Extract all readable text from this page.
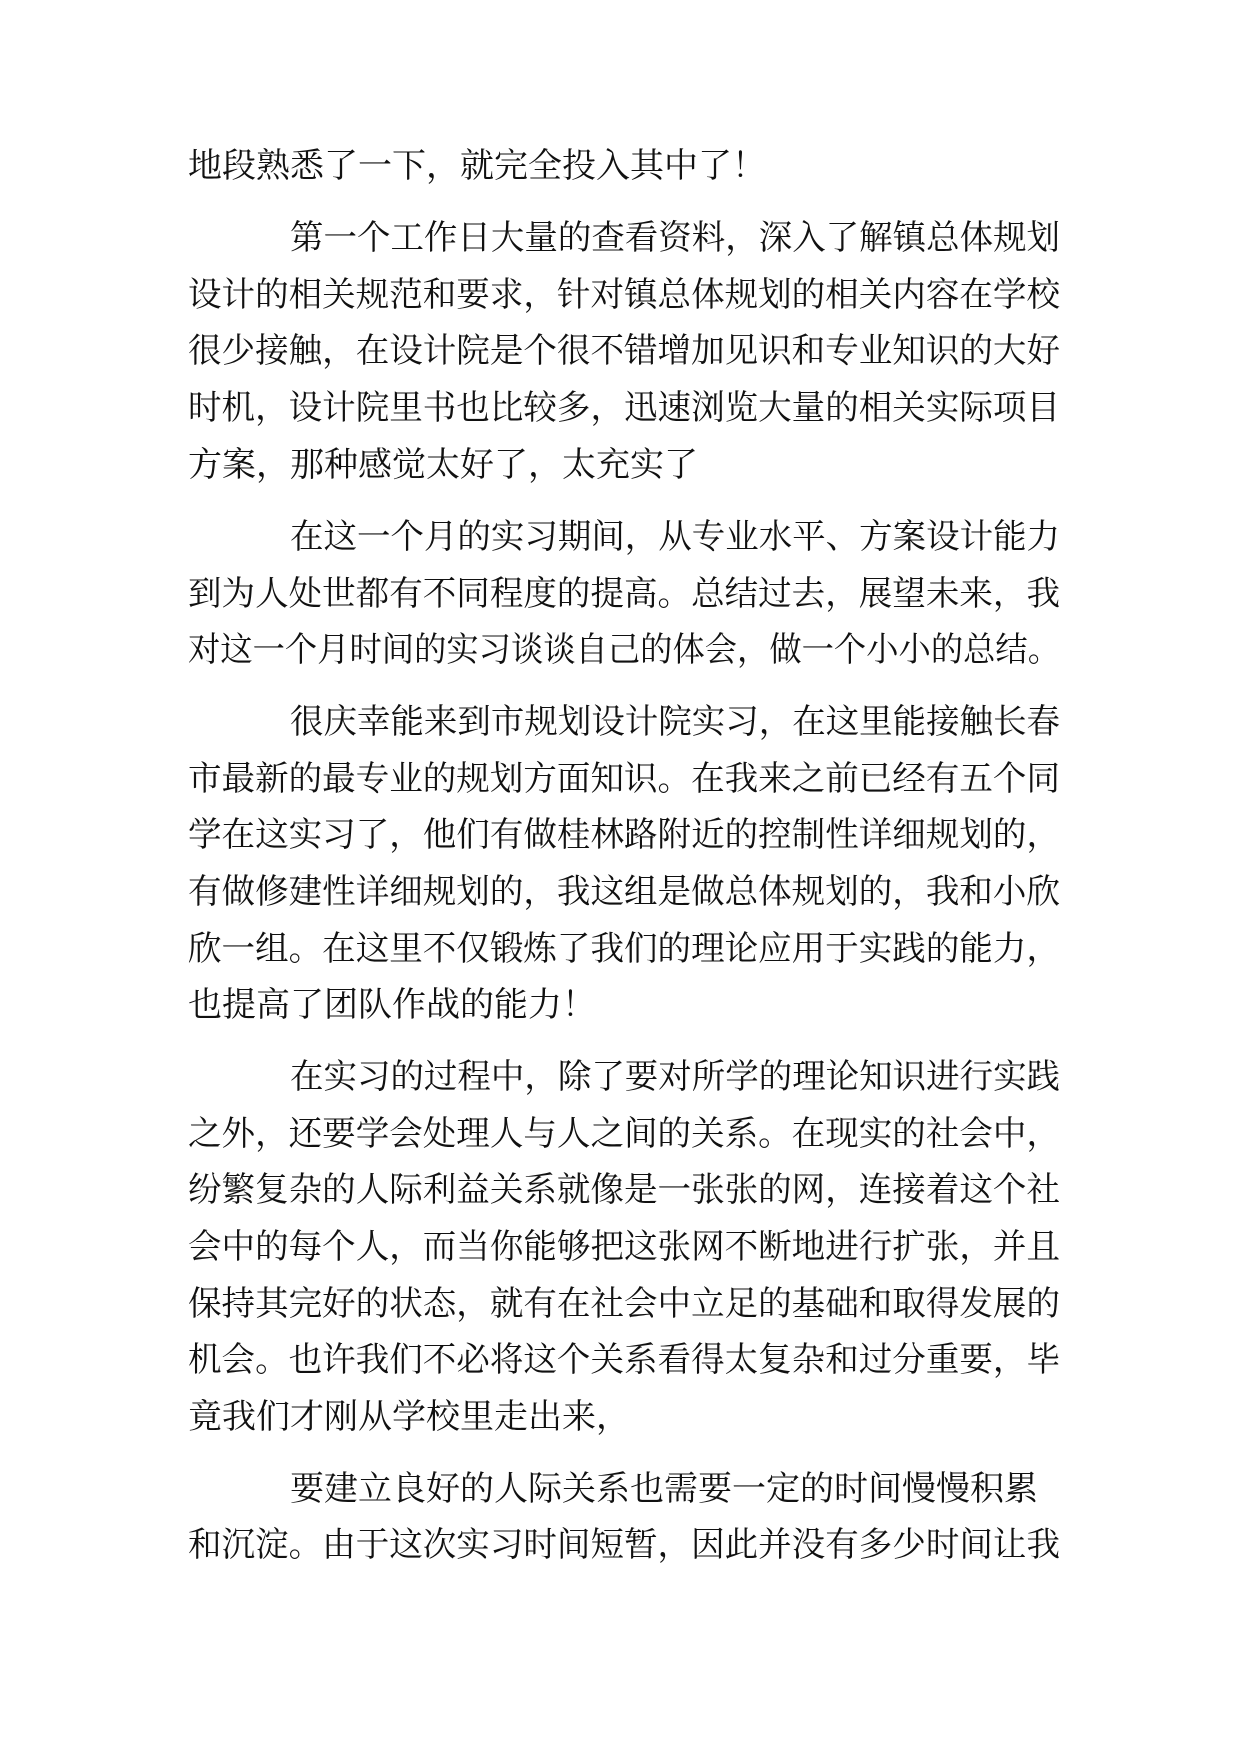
地段熟悉了一下，就完全投入其中了！
第一个工作日大量的查看资料，深入了解镇总体规划
设计的相关规范和要求，针对镇总体规划的相关内容在学校
很少接触，在设计院是个很不错增加见识和专业知识的大好
时机，设计院里书也比较多，迅速浏览大量的相关实际项目
方案，那种感觉太好了，太充实了
在这一个月的实习期间，从专业水平、方案设计能力
到为人处世都有不同程度的提高。总结过去，展望未来，我
对这一个月时间的实习谈谈自己的体会，做一个小小的总结。
很庆幸能来到市规划设计院实习，在这里能接触长春
市最新的最专业的规划方面知识。在我来之前已经有五个同
学在这实习了，他们有做桂林路附近的控制性详细规划的，
有做修建性详细规划的，我这组是做总体规划的，我和小欣
欣一组。在这里不仅锻炼了我们的理论应用于实践的能力，
也提高了团队作战的能力！
在实习的过程中，除了要对所学的理论知识进行实践
之外，还要学会处理人与人之间的关系。在现实的社会中，
纷繁复杂的人际利益关系就像是一张张的网，连接着这个社
会中的每个人，而当你能够把这张网不断地进行扩张，并且
保持其完好的状态，就有在社会中立足的基础和取得发展的
机会。也许我们不必将这个关系看得太复杂和过分重要，毕
竟我们才刚从学校里走出来，
要建立良好的人际关系也需要一定的时间慢慢积累
和沉淀。由于这次实习时间短暂，因此并没有多少时间让我
